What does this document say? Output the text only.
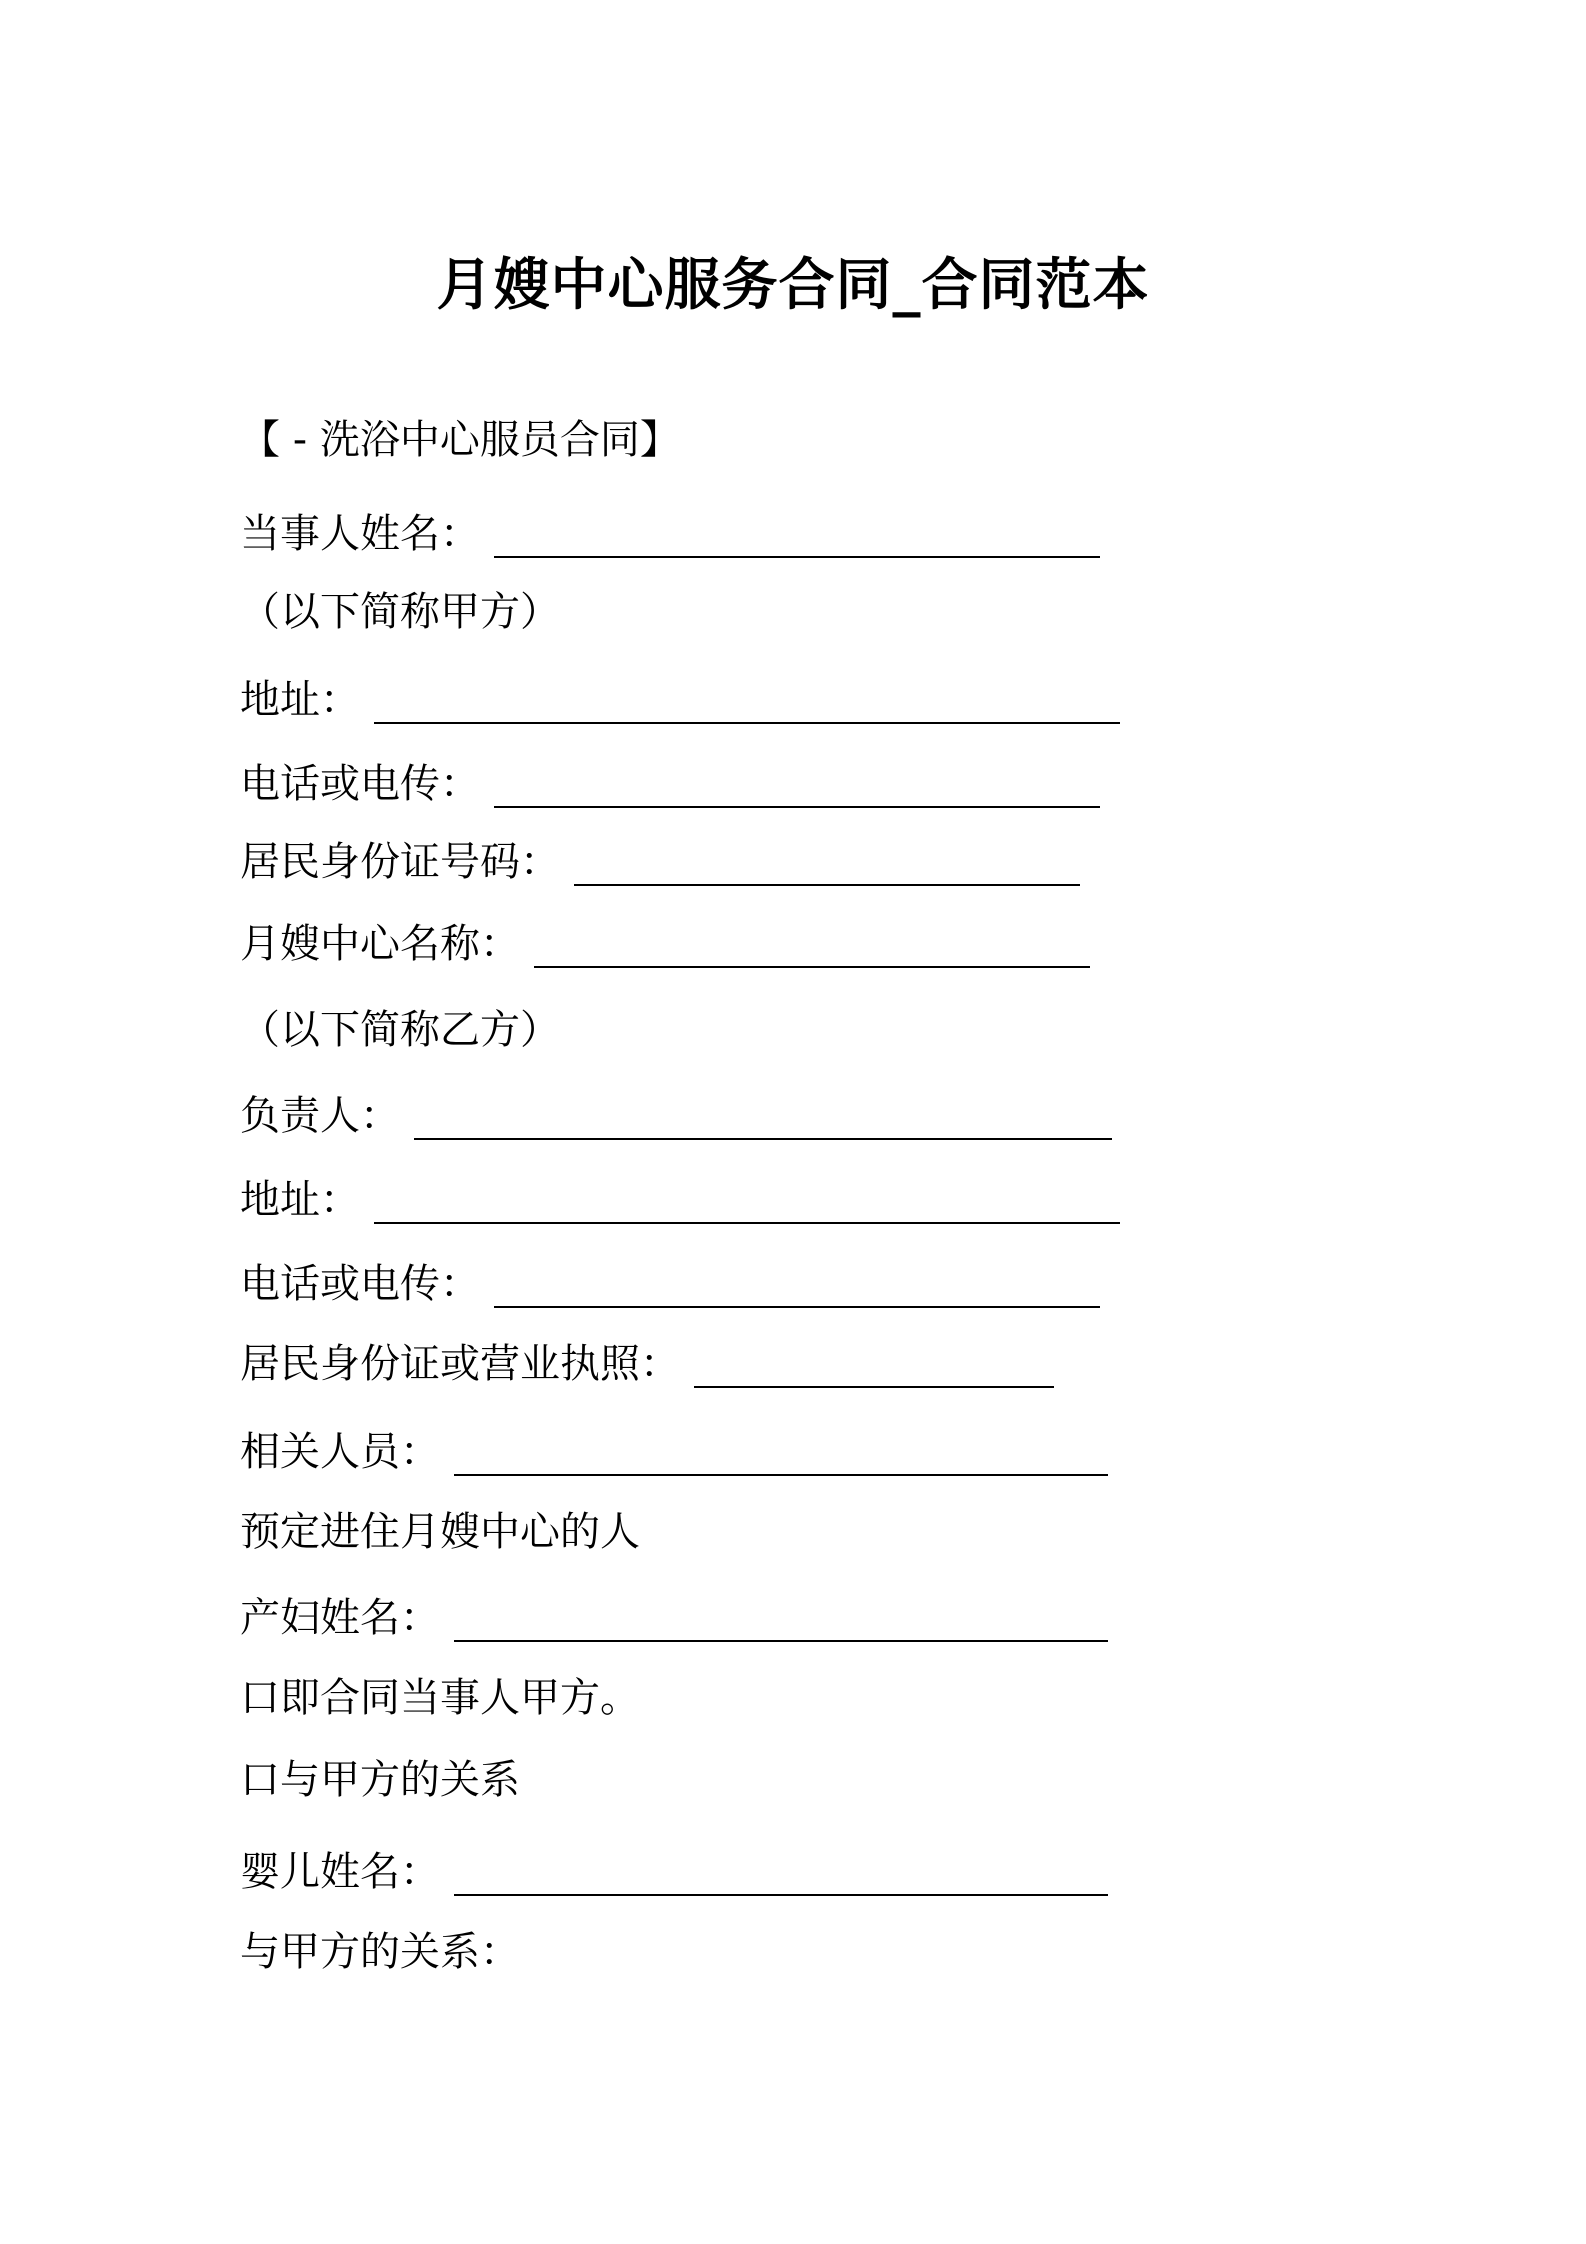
月嫂中心服务合同_合同范本
【 - 洗浴中心服员合同】
当事人姓名：
（以下简称甲方）
地址：
电话或电传：
居民身份证号码：
月嫂中心名称：
（以下简称乙方）
负责人：
地址：
电话或电传：
居民身份证或营业执照：
相关人员：
预定进住月嫂中心的人
产妇姓名：
口即合同当事人甲方。
口与甲方的关系
婴儿姓名：
与甲方的关系：
